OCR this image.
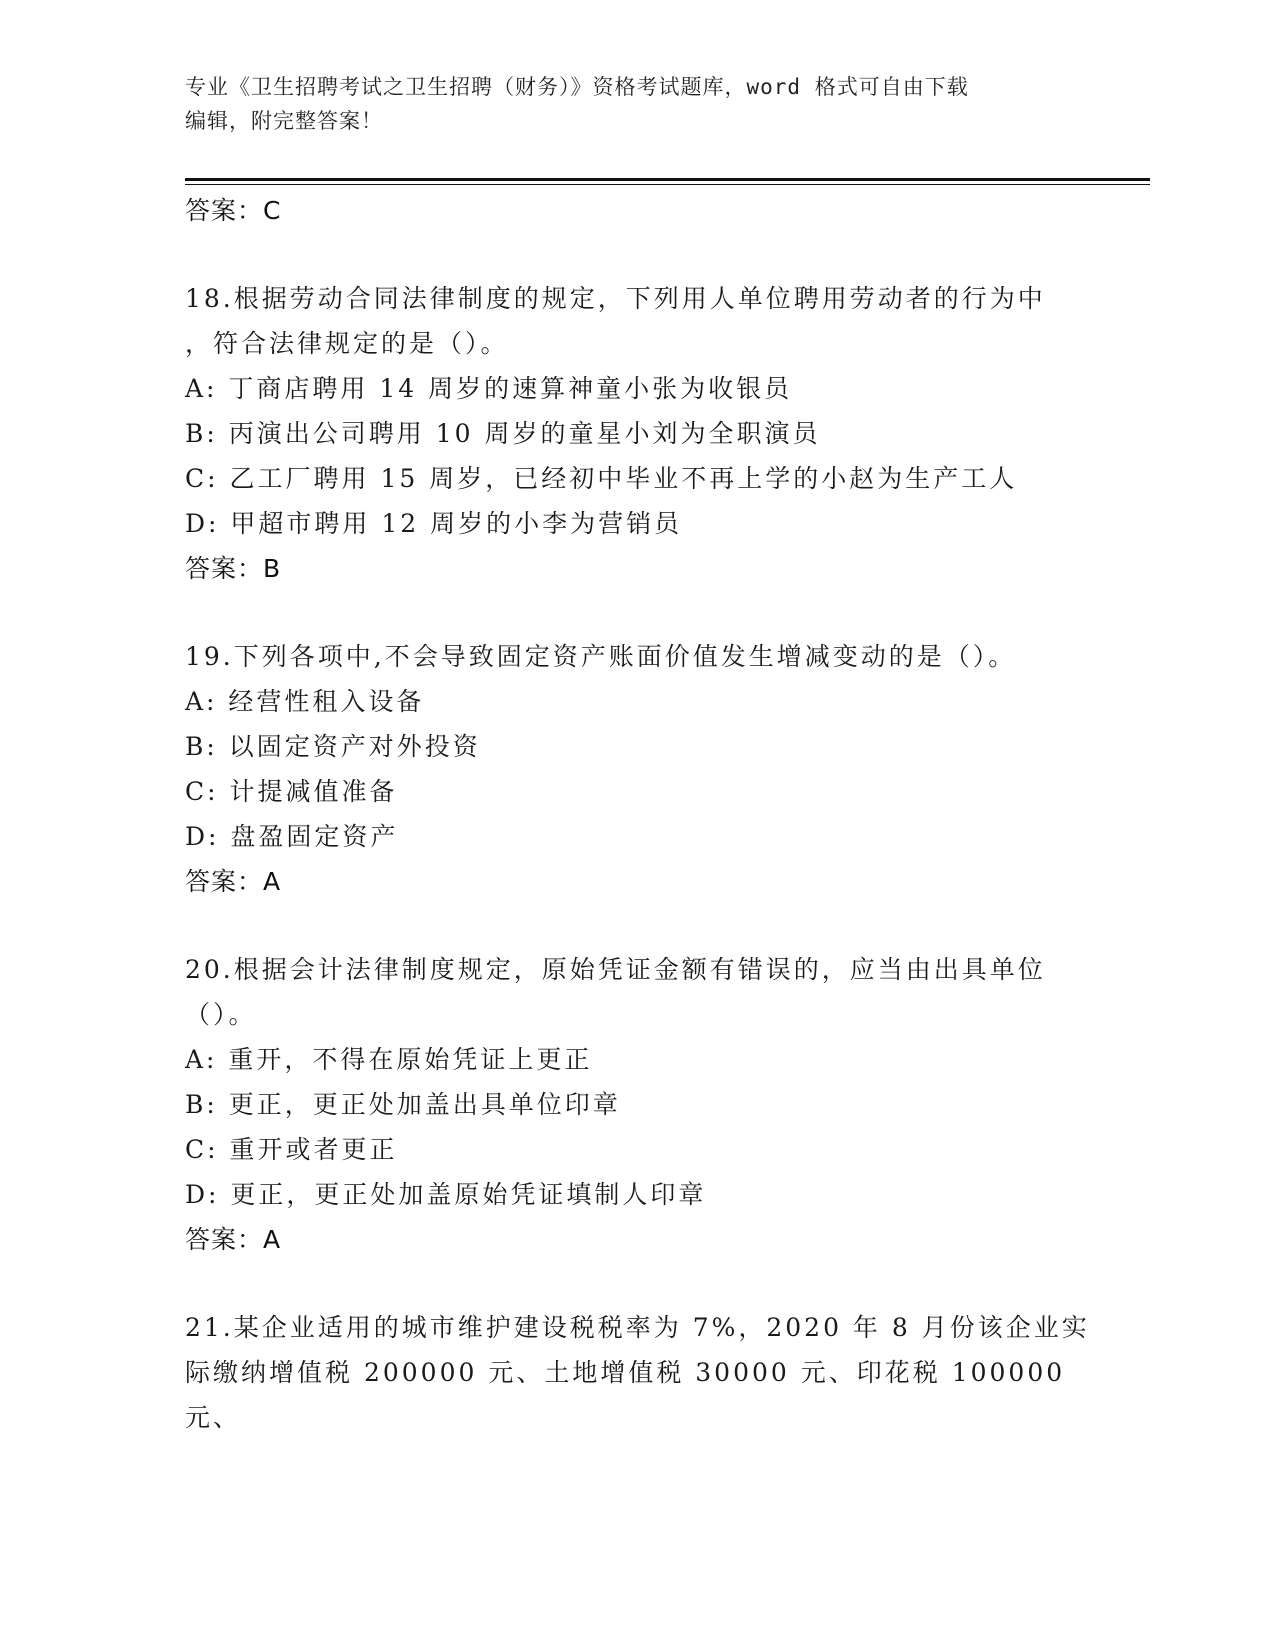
专业《卫生招聘考试之卫生招聘（财务）》资格考试题库，word 格式可自由下载
编辑，附完整答案！
答案：C
18.根据劳动合同法律制度的规定，下列用人单位聘用劳动者的行为中
，符合法律规定的是（）。
A: 丁商店聘用 14 周岁的速算神童小张为收银员
B: 丙演出公司聘用 10 周岁的童星小刘为全职演员
C: 乙工厂聘用 15 周岁，已经初中毕业不再上学的小赵为生产工人
D: 甲超市聘用 12 周岁的小李为营销员
答案：B
19.下列各项中,不会导致固定资产账面价值发生增减变动的是（）。
A: 经营性租入设备
B: 以固定资产对外投资
C: 计提减值准备
D: 盘盈固定资产
答案：A
20.根据会计法律制度规定，原始凭证金额有错误的，应当由出具单位
（）。
A: 重开，不得在原始凭证上更正
B: 更正，更正处加盖出具单位印章
C: 重开或者更正
D: 更正，更正处加盖原始凭证填制人印章
答案：A
21.某企业适用的城市维护建设税税率为 7%，2020 年 8 月份该企业实
际缴纳增值税 200000 元、土地增值税 30000 元、印花税 100000 元、
